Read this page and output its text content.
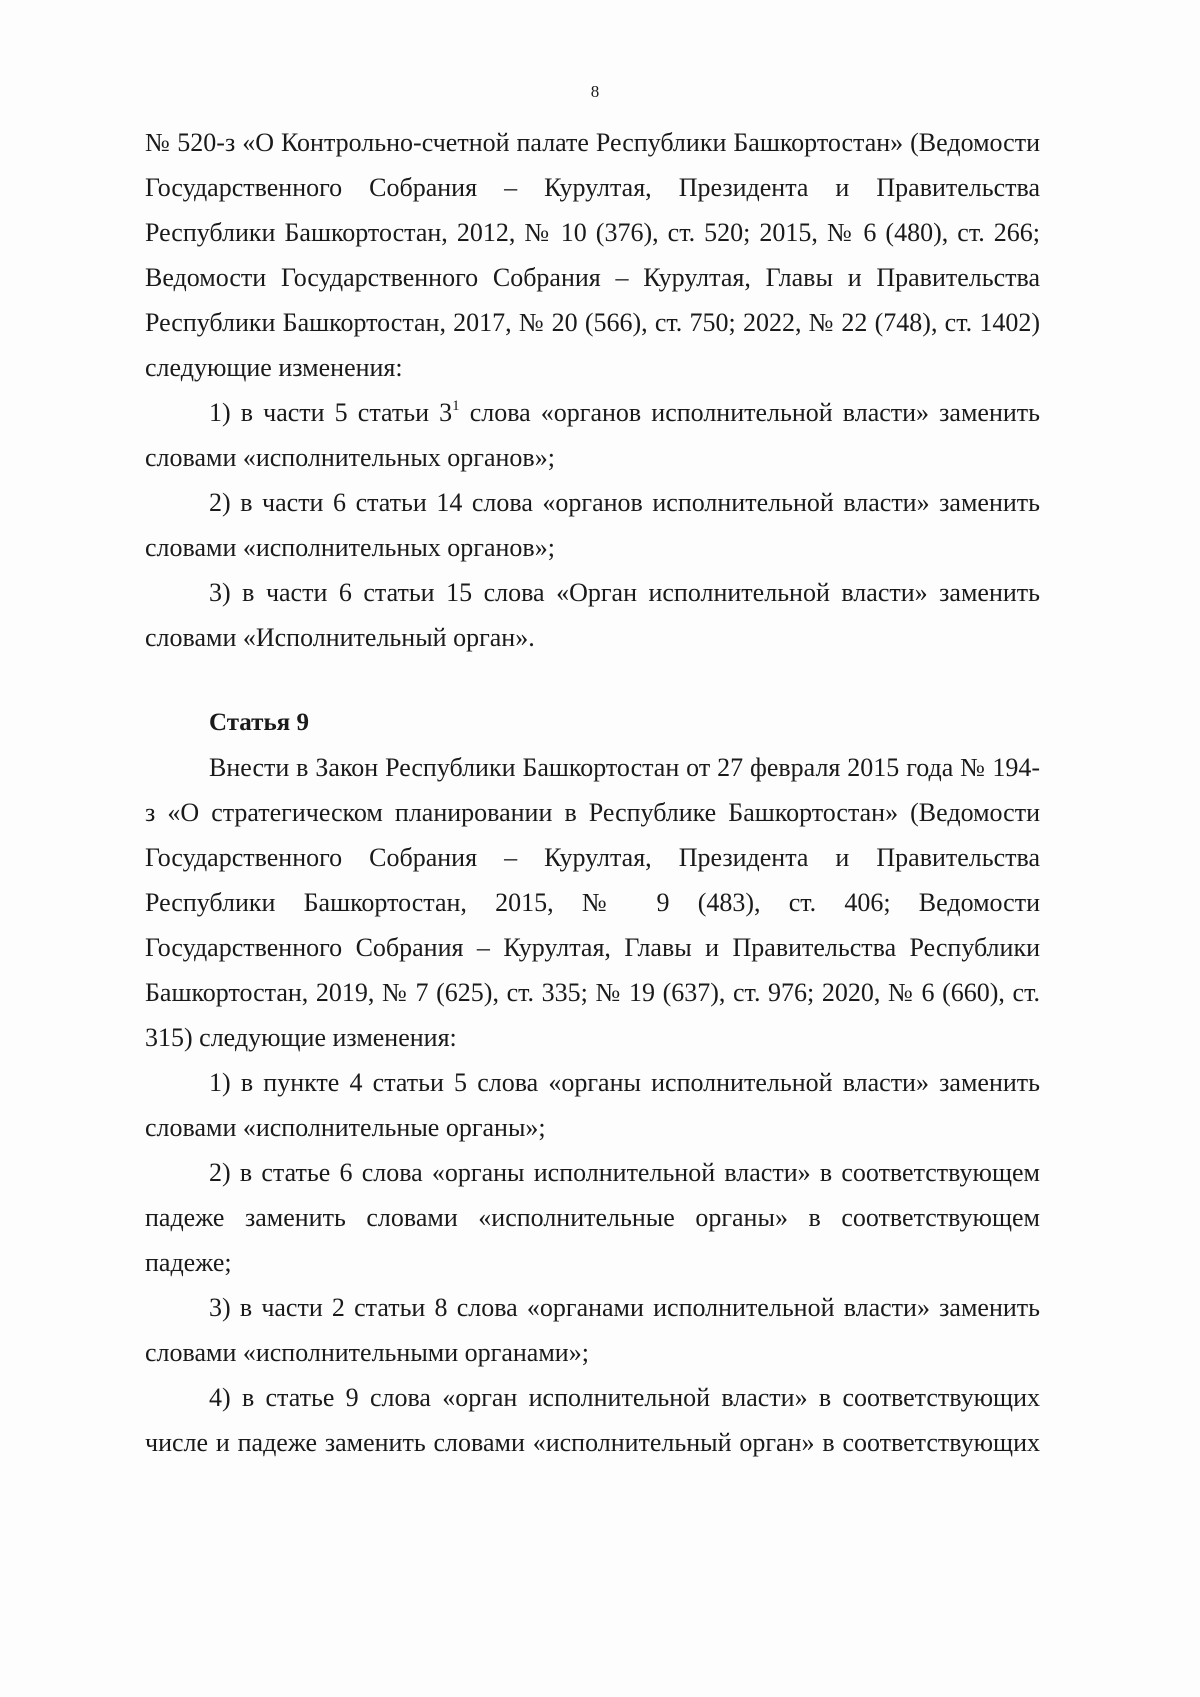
8

№ 520-з «О Контрольно-счетной палате Республики Башкортостан» (Ведомости Государственного Собрания – Курултая, Президента и Правительства Республики Башкортостан, 2012, № 10 (376), ст. 520; 2015, № 6 (480), ст. 266; Ведомости Государственного Собрания – Курултая, Главы и Правительства Республики Башкортостан, 2017, № 20 (566), ст. 750; 2022, № 22 (748), ст. 1402) следующие изменения:

1) в части 5 статьи $3^1$ слова «органов исполнительной власти» заменить словами «исполнительных органов»;

2) в части 6 статьи 14 слова «органов исполнительной власти» заменить словами «исполнительных органов»;

3) в части 6 статьи 15 слова «Орган исполнительной власти» заменить словами «Исполнительный орган».

Статья 9

Внести в Закон Республики Башкортостан от 27 февраля 2015 года № 194-з «О стратегическом планировании в Республике Башкортостан» (Ведомости Государственного Собрания – Курултая, Президента и Правительства Республики Башкортостан, 2015, № 9 (483), ст. 406; Ведомости Государственного Собрания – Курултая, Главы и Правительства Республики Башкортостан, 2019, № 7 (625), ст. 335; № 19 (637), ст. 976; 2020, № 6 (660), ст. 315) следующие изменения:

1) в пункте 4 статьи 5 слова «органы исполнительной власти» заменить словами «исполнительные органы»;

2) в статье 6 слова «органы исполнительной власти» в соответствующем падеже заменить словами «исполнительные органы» в соответствующем падеже;

3) в части 2 статьи 8 слова «органами исполнительной власти» заменить словами «исполнительными органами»;

4) в статье 9 слова «орган исполнительной власти» в соответствующих числе и падеже заменить словами «исполнительный орган» в соответствующих
